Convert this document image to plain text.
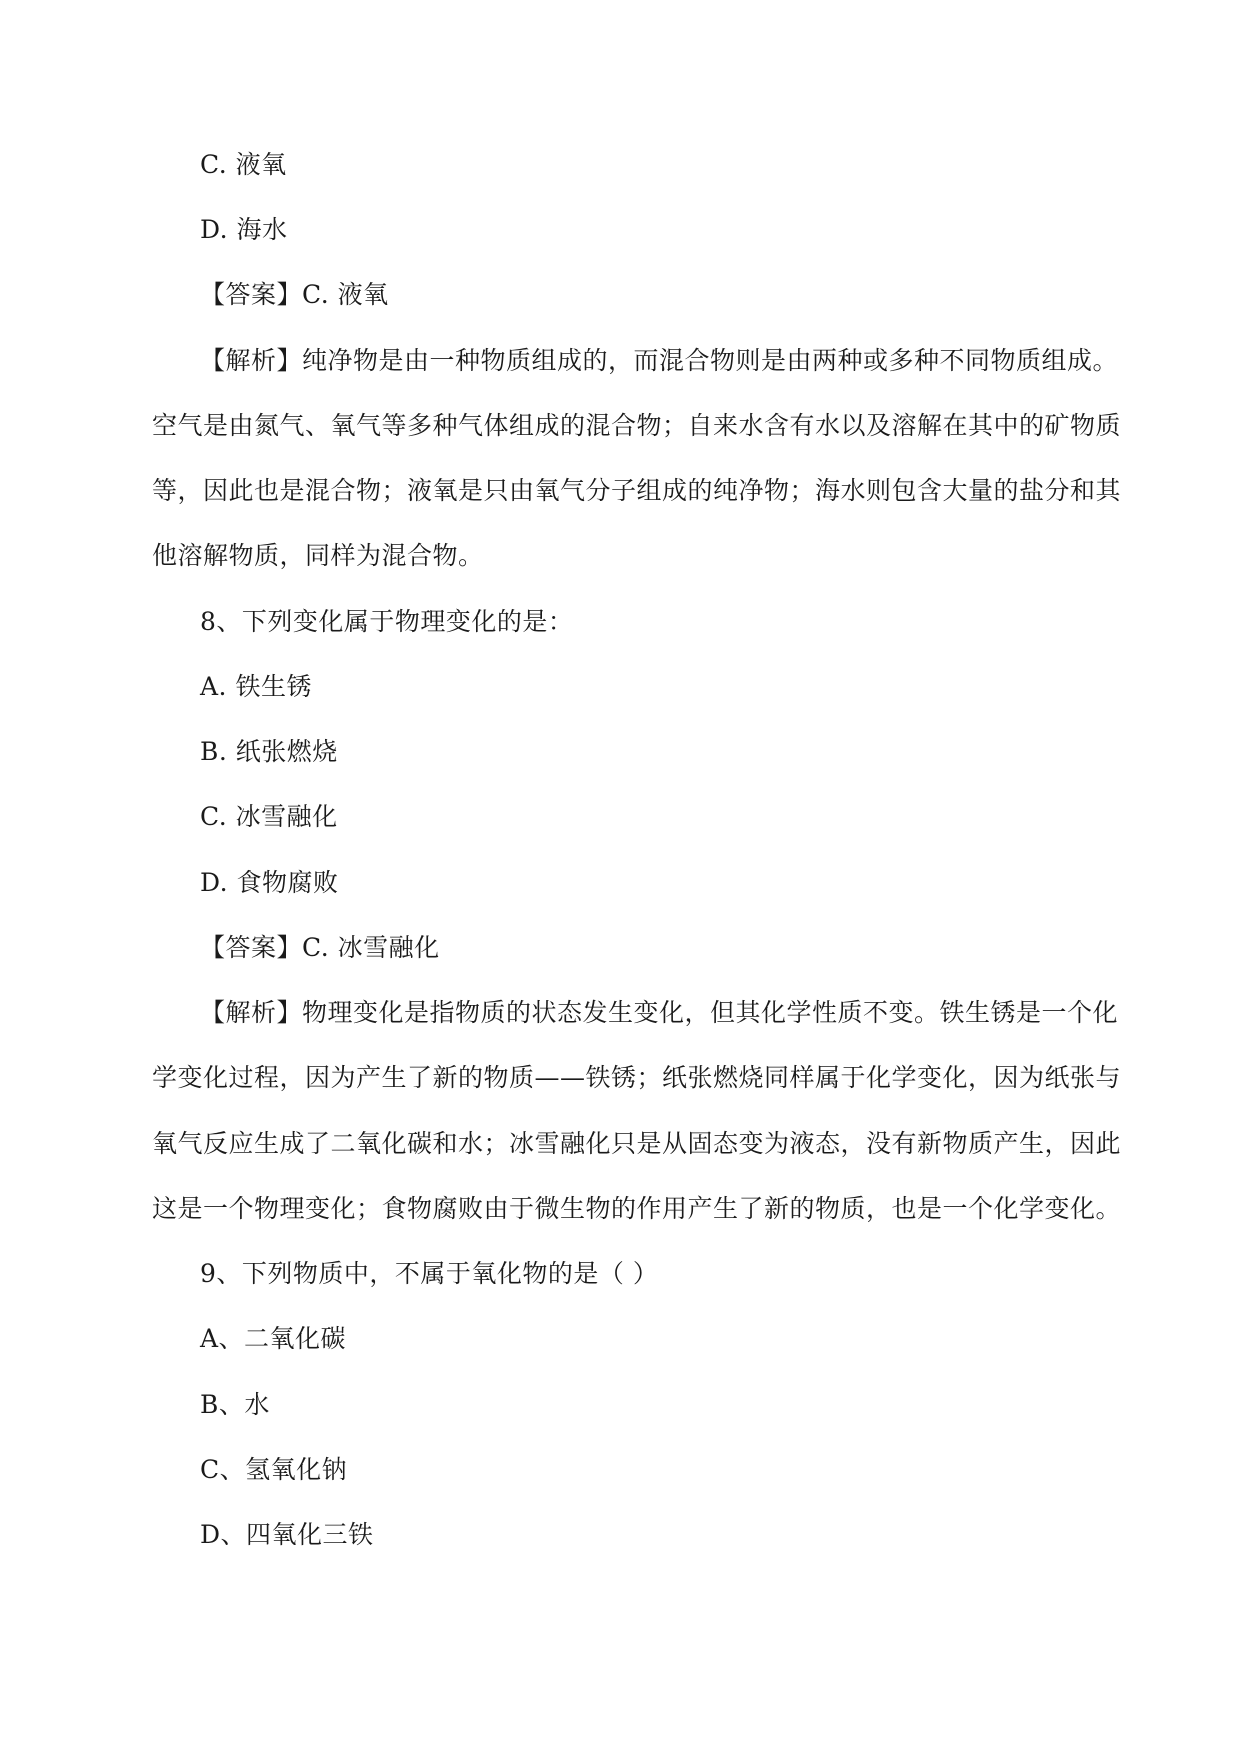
C. 液氧
D. 海水
【答案】C. 液氧
【解析】纯净物是由一种物质组成的，而混合物则是由两种或多种不同物质组成。
空气是由氮气、氧气等多种气体组成的混合物；自来水含有水以及溶解在其中的矿物质
等，因此也是混合物；液氧是只由氧气分子组成的纯净物；海水则包含大量的盐分和其
他溶解物质，同样为混合物。
8、下列变化属于物理变化的是：
A. 铁生锈
B. 纸张燃烧
C. 冰雪融化
D. 食物腐败
【答案】C. 冰雪融化
【解析】物理变化是指物质的状态发生变化，但其化学性质不变。铁生锈是一个化
学变化过程，因为产生了新的物质——铁锈；纸张燃烧同样属于化学变化，因为纸张与
氧气反应生成了二氧化碳和水；冰雪融化只是从固态变为液态，没有新物质产生，因此
这是一个物理变化；食物腐败由于微生物的作用产生了新的物质，也是一个化学变化。
9、下列物质中，不属于氧化物的是（ ）
A、二氧化碳
B、水
C、氢氧化钠
D、四氧化三铁
